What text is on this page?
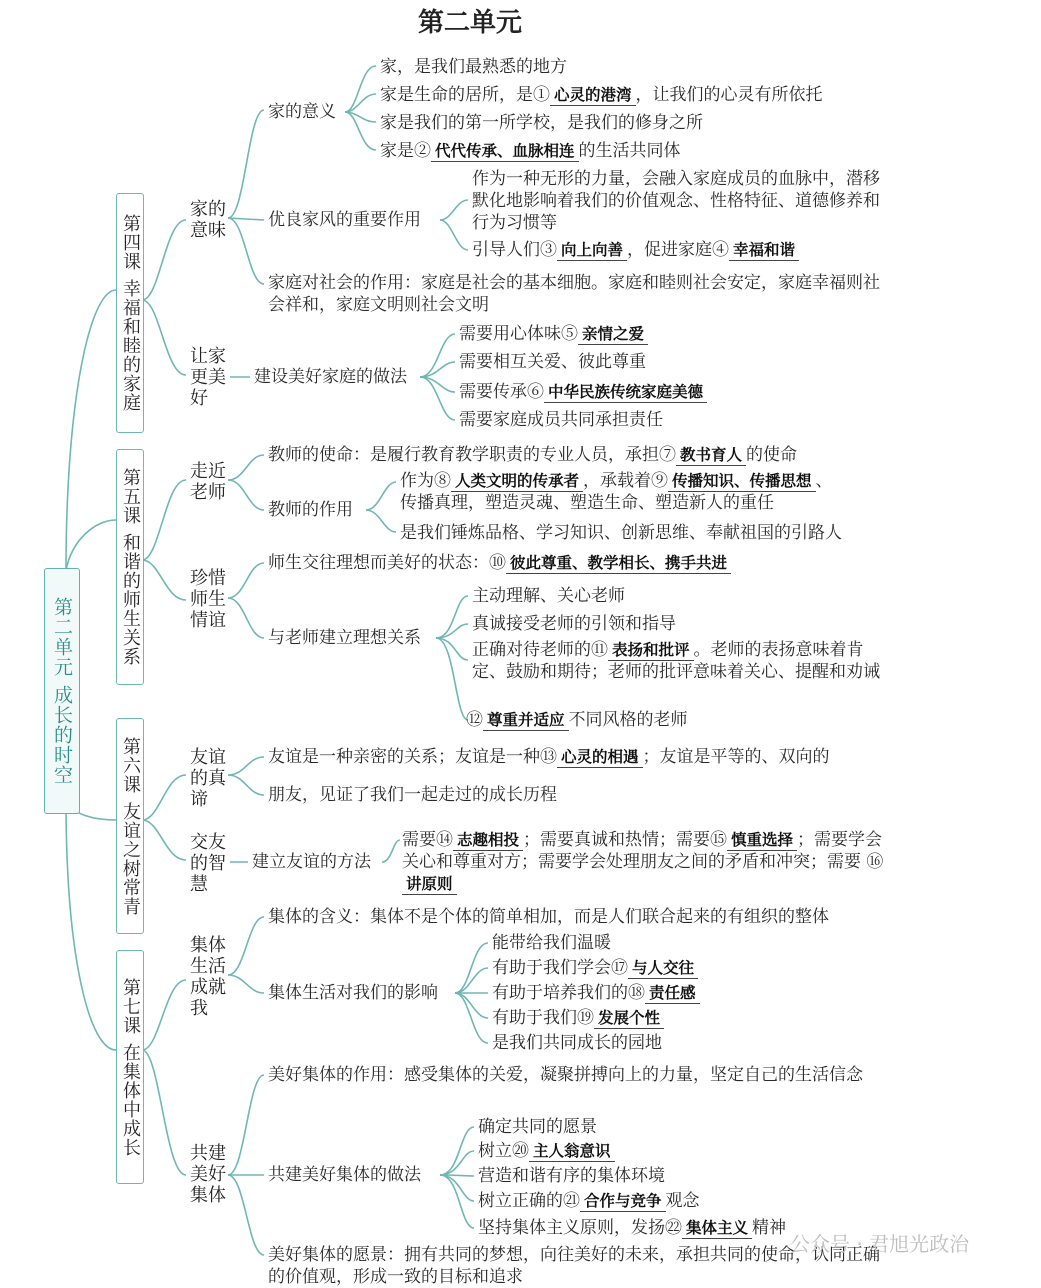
第二单元
第二单元
成长的时空
第四课
幸福和睦的家庭
第五课
和谐的师生关系
第六课
友谊之树常青
第七课
在集体中成长
家的意味
让家更美好
走近老师
珍惜师生情谊
友谊的真谛
交友的智慧
集体生活成就我
共建美好集体
家的意义
家，是我们最熟悉的地方
家是生命的居所，是① 心灵的港湾 ，让我们的心灵有所依托
家是我们的第一所学校，是我们的修身之所
家是② 代代传承、血脉相连 的生活共同体
优良家风的重要作用
作为一种无形的力量，会融入家庭成员的血脉中，潜移默化地影响着我们的价值观念、性格特征、道德修养和行为习惯等
引导人们③ 向上向善 ，促进家庭④ 幸福和谐
家庭对社会的作用：家庭是社会的基本细胞。家庭和睦则社会安定，家庭幸福则社会祥和，家庭文明则社会文明
建设美好家庭的做法
需要用心体味⑤ 亲情之爱
需要相互关爱、彼此尊重
需要传承⑥ 中华民族传统家庭美德
需要家庭成员共同承担责任
教师的使命：是履行教育教学职责的专业人员，承担⑦ 教书育人 的使命
教师的作用
作为⑧ 人类文明的传承者 ，承载着⑨ 传播知识、传播思想 、
传播真理，塑造灵魂、塑造生命、塑造新人的重任
是我们锤炼品格、学习知识、创新思维、奉献祖国的引路人
师生交往理想而美好的状态：⑩ 彼此尊重、教学相长、携手共进
与老师建立理想关系
主动理解、关心老师
真诚接受老师的引领和指导
正确对待老师的⑪ 表扬和批评 。老师的表扬意味着肯定、鼓励和期待；老师的批评意味着关心、提醒和劝诫
⑫ 尊重并适应 不同风格的老师
友谊是一种亲密的关系；友谊是一种⑬ 心灵的相遇 ；友谊是平等的、双向的
朋友，见证了我们一起走过的成长历程
建立友谊的方法
需要⑭ 志趣相投 ；需要真诚和热情；需要⑮ 慎重选择 ；需要学会关心和尊重对方；需要学会处理朋友之间的矛盾和冲突；需要 ⑯讲原则
集体的含义：集体不是个体的简单相加，而是人们联合起来的有组织的整体
集体生活对我们的影响
能带给我们温暖
有助于我们学会⑰ 与人交往
有助于培养我们的⑱ 责任感
有助于我们⑲ 发展个性
是我们共同成长的园地
美好集体的作用：感受集体的关爱，凝聚拼搏向上的力量，坚定自己的生活信念
共建美好集体的做法
确定共同的愿景
树立⑳ 主人翁意识
营造和谐有序的集体环境
树立正确的㉑ 合作与竞争 观念
坚持集体主义原则，发扬㉒ 集体主义 精神
美好集体的愿景：拥有共同的梦想，向往美好的未来，承担共同的使命，认同正确的价值观，形成一致的目标和追求
公众号 · 君旭光政治
